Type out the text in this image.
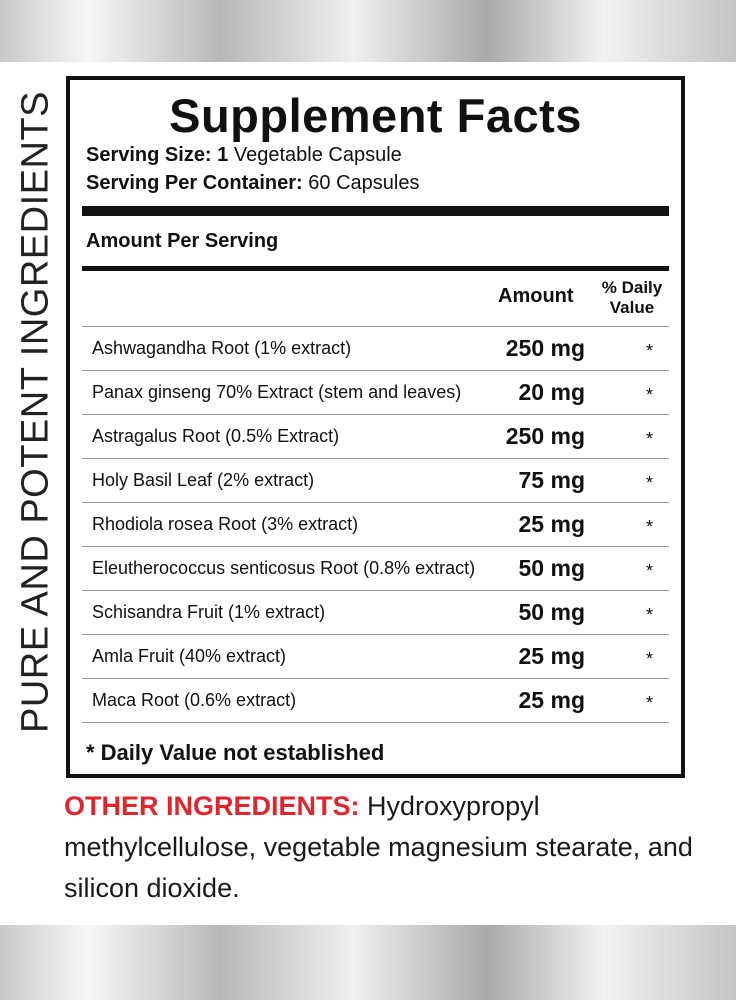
PURE AND POTENT INGREDIENTS	Supplement Facts
Serving Size: 1 Vegetable Capsule
Serving Per Container: 60 Capsules
Amount Per Serving
Amount % Daily
Value
Ashwagandha Root (1% extract)	250 mg	*
Panax ginseng 70% Extract (stem and leaves) 20 mg	*
Astragalus Root (0.5% Extract)	250 mg	*
Holy Basil Leaf (2% extract)	75 mg	*
Rhodiola rosea Root (3% extract)	25 mg	*
Eleutherococcus senticosus Root (0.8% extract) 50 mg	*
Schisandra Fruit (1% extract)	50 mg	*
Amla Fruit (40% extract)	25 mg	*
Maca Root (0.6% extract)	25 mg	*
* Daily Value not established
OTHER INGREDIENTS: Hydroxypropyl methylcellulose, vegetable magnesium stearate, and silicon dioxide.
